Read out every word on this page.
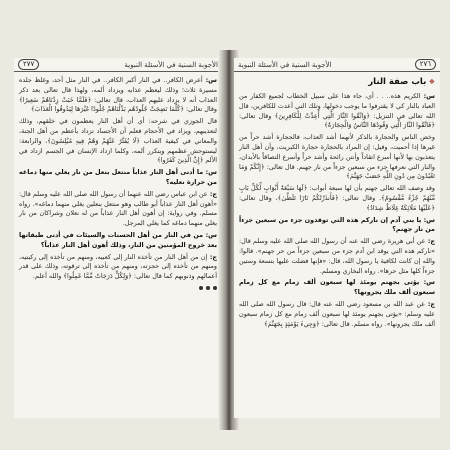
٢٧٧	الأجوبة السنية في الأسئلة النبوية

س: أعرض الكافر.. في النار أكبر الكافر.. في النار مثل أحد، وغلظ جلده مسيرة ثلاث؛ وذلك ليعظم عذابه ويزداد ألمه، ولهذا قال تعالى بعد ذكر العذاب أنه لا يزداد عليهم العذاب، قال تعالى: ﴿فَلَمَّا خَبَتْ زِدْنَاهُمْ سَعِيرًا﴾ وقال تعالى: ﴿كُلَّمَا نَضِجَتْ جُلُودُهُم بَدَّلْنَاهُمْ جُلُودًا غَيْرَهَا لِيَذُوقُوا الْعَذَابَ﴾

قال الجوزي في شرحه: أي أن أهل النار يعظمون في خلقهم، وذلك لتعذيبهم، ويزاد في الأحجام فعلم أن الأجساد تزداد بأعظم من أهل الجنة، والمعاني في كيفية العذاب ﴿لَا يُفَتَّرُ عَنْهُمْ وَهُمْ فِيهِ مُبْلِسُونَ﴾، والرابعة: ليستوحش عظمهم ويتكرر ألمه، وكلما ازداد الإنسان في الجسم ازداد في الألم ﴿إِنَّ الَّذِينَ كَفَرُوا﴾

س: ما أدنى أهل النار عذاباً منتعل بنعل من نار يغلي منها دماغه من حرارة نعليه؟

ج: عن ابن عباس رضي الله عنهما أن رسول الله صلى الله عليه وسلم قال: «أهون أهل النار عذاباً أبو طالب وهو منتعل بنعلين يغلي منهما دماغه». رواه مسلم. وفي رواية: إن أهون أهل النار عذاباً من له نعلان وشراكان من نار يغلي منهما دماغه كما يغلي المرجل.

س: من في النار من أهل الحسنات والسيئات في أدنى طبقاتها بعد خروج المؤمنين من النار، وذلك أهون أهل النار عذاباً؟

ج: إن من أهل النار من تأخذه النار إلى كعبيه، ومنهم من تأخذه إلى ركبتيه، ومنهم من تأخذه إلى حجزته، ومنهم من تأخذه إلى ترقوته، وذلك على قدر أعمالهم وذنوبهم كما قال تعالى: ﴿وَلِكُلٍّ دَرَجَاتٌ مِّمَّا عَمِلُوا﴾ والله أعلم.

الأجوبة السنية في الأسئلة النبوية	٢٧٦
❖ باب صفة النار

س: الكريم هذه.. . . أي، جاء هذا على سبيل الخطاب لجميع الكفار من العباد بالنار كي لا يقترفوا ما يوجب دخولها، وتلك التي أعدت للكافرين، قال الله تعالى في التنزيل: ﴿وَاتَّقُوا النَّارَ الَّتِي أُعِدَّتْ لِلْكَافِرِينَ﴾ وقال تعالى: ﴿فَاتَّقُوا النَّارَ الَّتِي وَقُودُهَا النَّاسُ وَالْحِجَارَةُ﴾

وخص الناس والحجارة بالذكر لأنهما أشد العذاب، فالحجارة أشد حراً من غيرها إذا أحميت، وقيل: إن المراد بالحجارة حجارة الكبريت، وأن أهل النار يتعذبون بها لأنها أسرع اتقاداً وأنتن رائحة وأشد حراً وأسرع التصاقاً بالأبدان، والنار التي نعرفها جزء من سبعين جزءاً من نار جهنم. قال تعالى: ﴿إِنَّكُمْ وَمَا تَعْبُدُونَ مِن دُونِ اللَّهِ حَصَبُ جَهَنَّمَ﴾

وقد وصف الله تعالى جهنم بأن لها سبعة أبواب: ﴿لَهَا سَبْعَةُ أَبْوَابٍ لِّكُلِّ بَابٍ مِّنْهُمْ جُزْءٌ مَّقْسُومٌ﴾. وقال تعالى: ﴿فَأَنذَرْتُكُمْ نَارًا تَلَظَّىٰ﴾، وقال تعالى: ﴿عَلَيْهَا مَلَائِكَةٌ غِلَاظٌ شِدَادٌ﴾

س: يا بني آدم إن ناركم هذه التي توقدون جزء من سبعين جزءاً من نار جهنم؟

ج: عن أبي هريرة رضي الله عنه أن رسول الله صلى الله عليه وسلم قال: «ناركم هذه التي يوقد ابن آدم جزء من سبعين جزءاً من حر جهنم». قالوا: والله إن كانت لكافية يا رسول الله، قال: «فإنها فضلت عليها بتسعة وستين جزءاً كلها مثل حرها». رواه البخاري ومسلم.

س: يؤتى بجهنم يومئذ لها سبعون ألف زمام مع كل زمام سبعون ألف ملك يجرونها؟

ج: عن عبد الله بن مسعود رضي الله عنه قال: قال رسول الله صلى الله عليه وسلم: «يؤتى بجهنم يومئذ لها سبعون ألف زمام مع كل زمام سبعون ألف ملك يجرونها». رواه مسلم. قال تعالى: ﴿وَجِيءَ يَوْمَئِذٍ بِجَهَنَّمَ﴾
